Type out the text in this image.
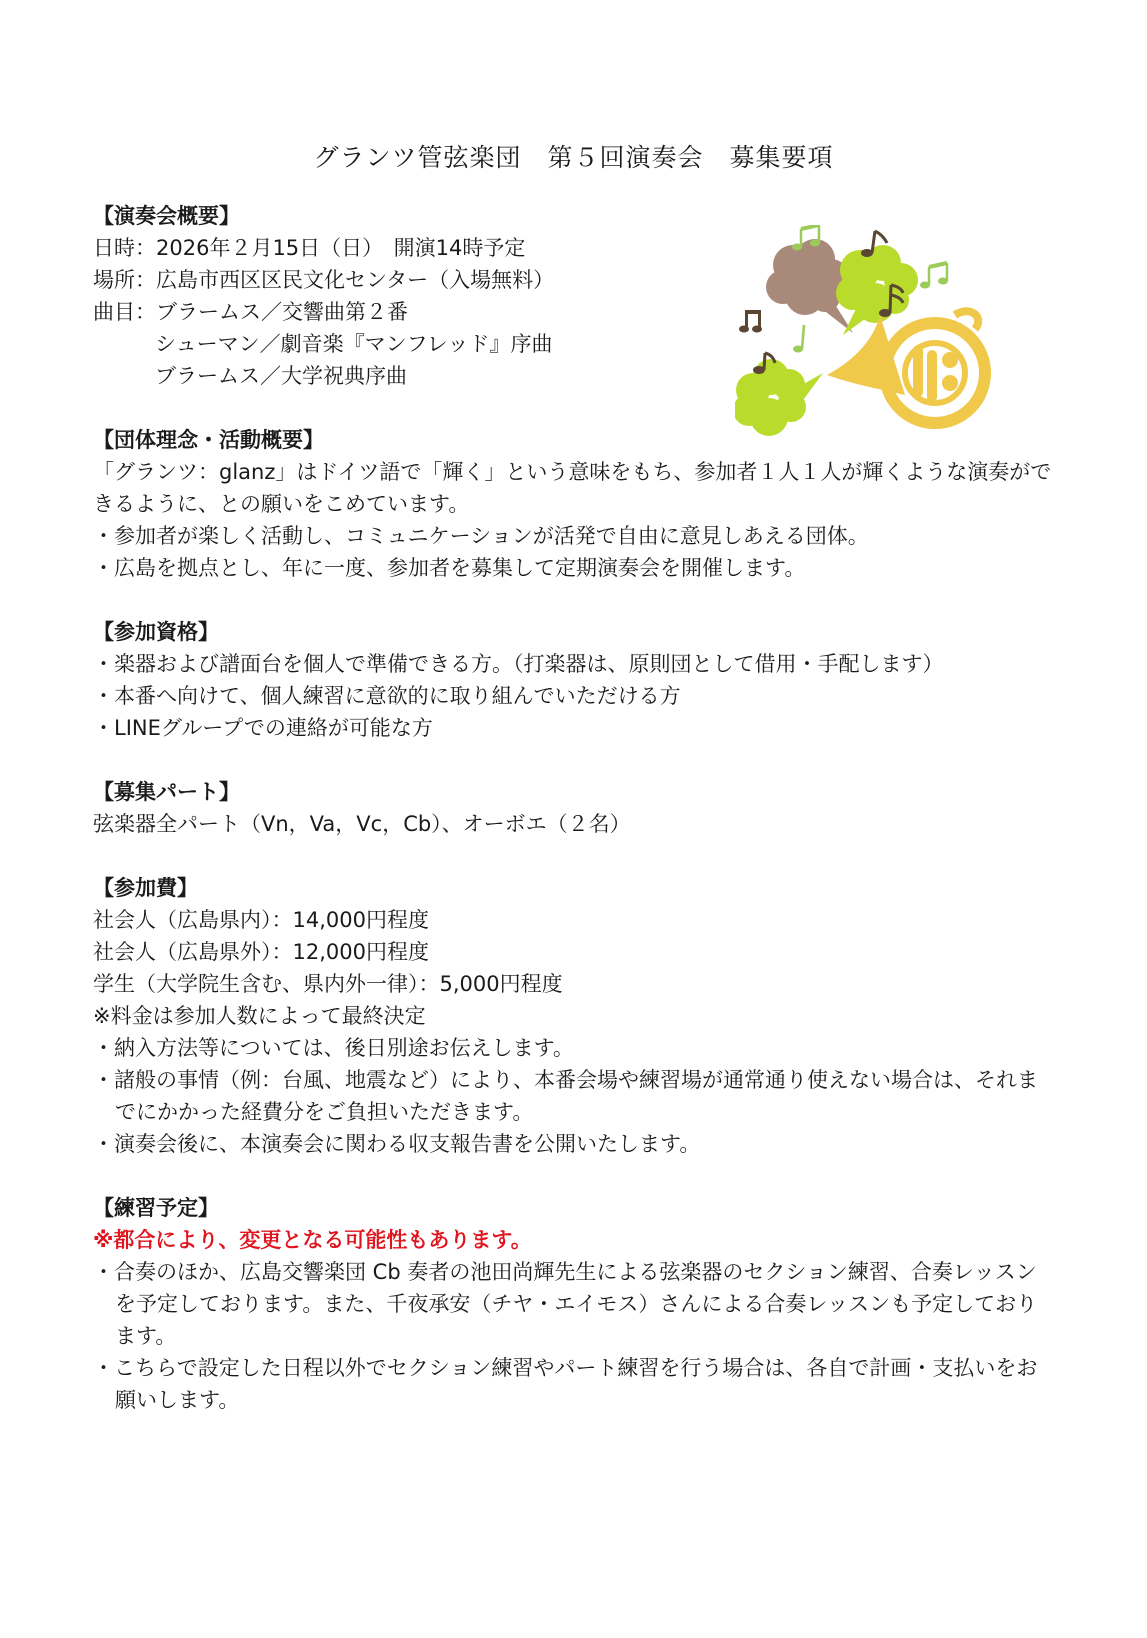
グランツ管弦楽団　第５回演奏会　募集要項
【演奏会概要】
日時：2026年２月15日（日）　開演14時予定
場所：広島市西区区民文化センター（入場無料）
曲目：ブラームス／交響曲第２番
シューマン／劇音楽『マンフレッド』序曲
ブラームス／大学祝典序曲
【団体理念・活動概要】
「グランツ：glanz」はドイツ語で「輝く」という意味をもち、参加者１人１人が輝くような演奏ができるように、との願いをこめています。
・参加者が楽しく活動し、コミュニケーションが活発で自由に意見しあえる団体。
・広島を拠点とし、年に一度、参加者を募集して定期演奏会を開催します。
【参加資格】
・楽器および譜面台を個人で準備できる方。（打楽器は、原則団として借用・手配します）
・本番へ向けて、個人練習に意欲的に取り組んでいただける方
・LINEグループでの連絡が可能な方
【募集パート】
弦楽器全パート（Vn，Va，Vc，Cb）、オーボエ（２名）
【参加費】
社会人（広島県内）：14,000円程度
社会人（広島県外）：12,000円程度
学生（大学院生含む、県内外一律）：5,000円程度
※料金は参加人数によって最終決定
・納入方法等については、後日別途お伝えします。
・諸般の事情（例：台風、地震など）により、本番会場や練習場が通常通り使えない場合は、それまでにかかった経費分をご負担いただきます。
・演奏会後に、本演奏会に関わる収支報告書を公開いたします。
【練習予定】
※都合により、変更となる可能性もあります。
・合奏のほか、広島交響楽団 Cb 奏者の池田尚輝先生による弦楽器のセクション練習、合奏レッスンを予定しております。また、千夜承安（チヤ・エイモス）さんによる合奏レッスンも予定しております。
・こちらで設定した日程以外でセクション練習やパート練習を行う場合は、各自で計画・支払いをお願いします。
